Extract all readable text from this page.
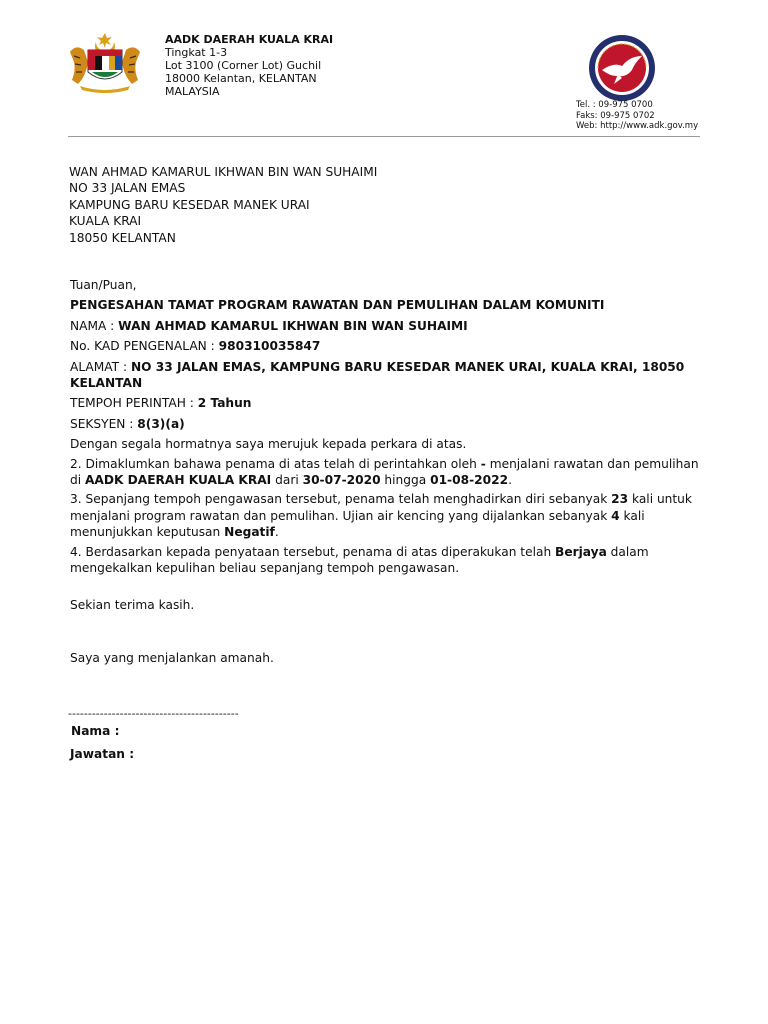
AADK DAERAH KUALA KRAI
Tingkat 1-3
Lot 3100 (Corner Lot) Guchil
18000 Kelantan, KELANTAN
MALAYSIA
Tel. : 09-975 0700
Faks: 09-975 0702
Web: http://www.adk.gov.my
WAN AHMAD KAMARUL IKHWAN BIN WAN SUHAIMI
NO 33 JALAN EMAS
KAMPUNG BARU KESEDAR MANEK URAI
KUALA KRAI
18050 KELANTAN

Tuan/Puan,

PENGESAHAN TAMAT PROGRAM RAWATAN DAN PEMULIHAN DALAM KOMUNITI

NAMA : WAN AHMAD KAMARUL IKHWAN BIN WAN SUHAIMI

No. KAD PENGENALAN : 980310035847

ALAMAT : NO 33 JALAN EMAS, KAMPUNG BARU KESEDAR MANEK URAI, KUALA KRAI, 18050 KELANTAN

TEMPOH PERINTAH : 2 Tahun

SEKSYEN : 8(3)(a)

Dengan segala hormatnya saya merujuk kepada perkara di atas.

2. Dimaklumkan bahawa penama di atas telah di perintahkan oleh - menjalani rawatan dan pemulihan di AADK DAERAH KUALA KRAI dari 30-07-2020 hingga 01-08-2022.

3. Sepanjang tempoh pengawasan tersebut, penama telah menghadirkan diri sebanyak 23 kali untuk menjalani program rawatan dan pemulihan. Ujian air kencing yang dijalankan sebanyak 4 kali menunjukkan keputusan Negatif.

4. Berdasarkan kepada penyataan tersebut, penama di atas diperakukan telah Berjaya dalam mengekalkan kepulihan beliau sepanjang tempoh pengawasan.

Sekian terima kasih.

Saya yang menjalankan amanah.

-------------------------------------------
Nama :
Jawatan :
